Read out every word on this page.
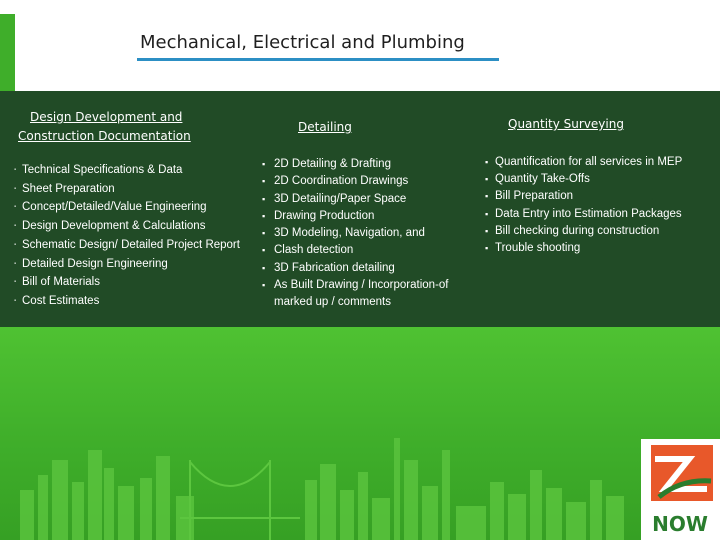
Mechanical, Electrical and Plumbing
Design Development and
Construction Documentation
Detailing	Quantity Surveying
▪ Technical Specifications & Data
▪ Sheet Preparation
▪ Concept/Detailed/Value Engineering
▪ Design Development & Calculations
▪ Schematic Design/ Detailed Project Report
▪ Detailed Design Engineering
▪ Bill of Materials
▪ Cost Estimates
▪ 2D Detailing & Drafting
▪ 2D Coordination Drawings
▪ 3D Detailing/Paper Space
▪ Drawing Production
▪ 3D Modeling, Navigation, and
▪ Clash detection
▪ 3D Fabrication detailing
▪ As Built Drawing / Incorporation-of marked up / comments
▪ Quantification for all services in MEP
▪ Quantity Take-Offs
▪ Bill Preparation
▪ Data Entry into Estimation Packages
▪ Bill checking during construction
▪ Trouble shooting
NOW
